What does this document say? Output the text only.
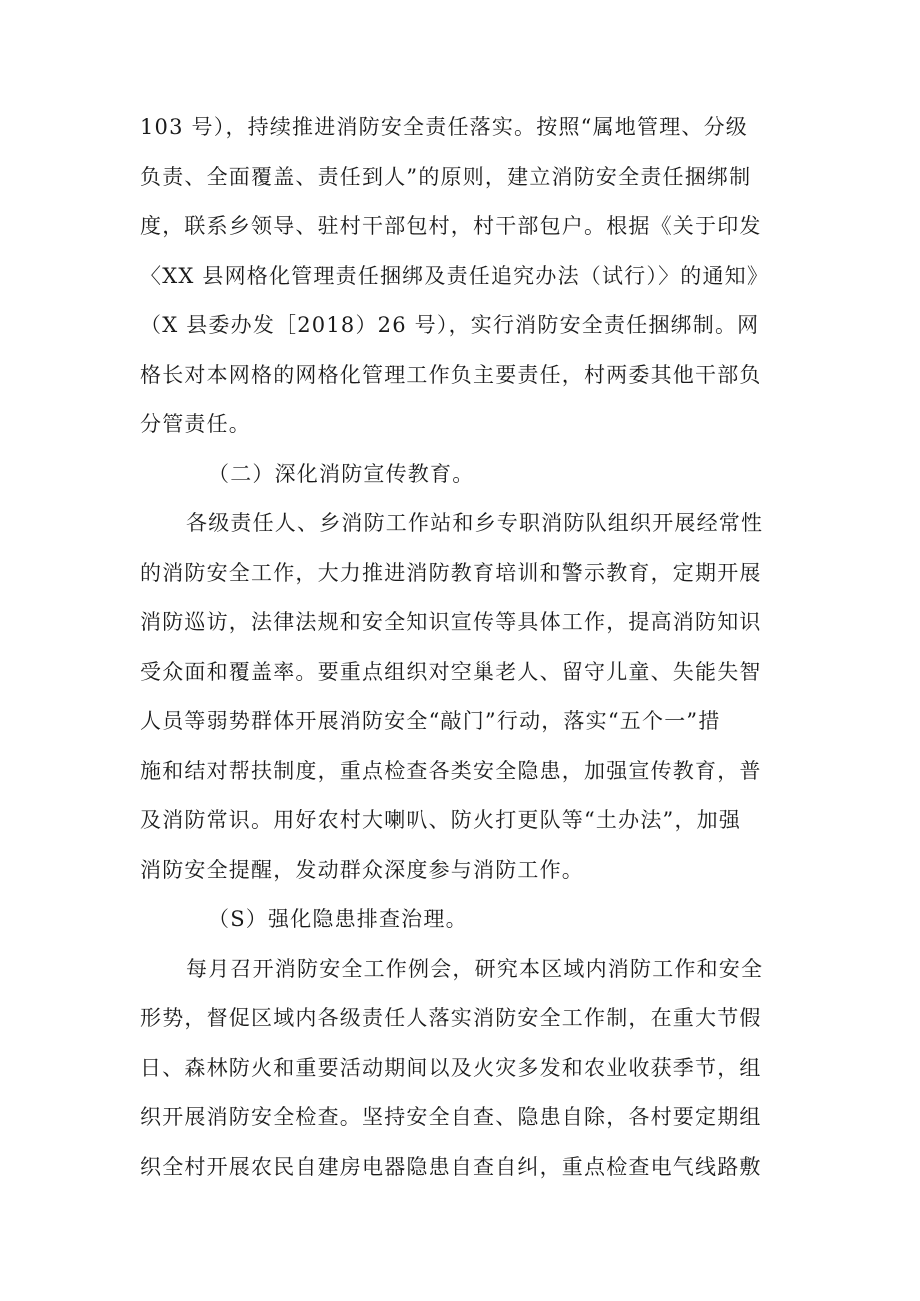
103 号），持续推进消防安全责任落实。按照“属地管理、分级
负责、全面覆盖、责任到人”的原则，建立消防安全责任捆绑制
度，联系乡领导、驻村干部包村，村干部包户。根据《关于印发
〈XX 县网格化管理责任捆绑及责任追究办法（试行）〉的通知》
（X 县委办发［2018）26 号），实行消防安全责任捆绑制。网
格长对本网格的网格化管理工作负主要责任，村两委其他干部负
分管责任。
（二）深化消防宣传教育。
各级责任人、乡消防工作站和乡专职消防队组织开展经常性
的消防安全工作，大力推进消防教育培训和警示教育，定期开展
消防巡访，法律法规和安全知识宣传等具体工作，提高消防知识
受众面和覆盖率。要重点组织对空巢老人、留守儿童、失能失智
人员等弱势群体开展消防安全“敲门”行动，落实“五个一”措
施和结对帮扶制度，重点检查各类安全隐患，加强宣传教育，普
及消防常识。用好农村大喇叭、防火打更队等“土办法”，加强
消防安全提醒，发动群众深度参与消防工作。
（S）强化隐患排查治理。
每月召开消防安全工作例会，研究本区域内消防工作和安全
形势，督促区域内各级责任人落实消防安全工作制，在重大节假
日、森林防火和重要活动期间以及火灾多发和农业收获季节，组
织开展消防安全检查。坚持安全自查、隐患自除，各村要定期组
织全村开展农民自建房电器隐患自查自纠，重点检查电气线路敷
